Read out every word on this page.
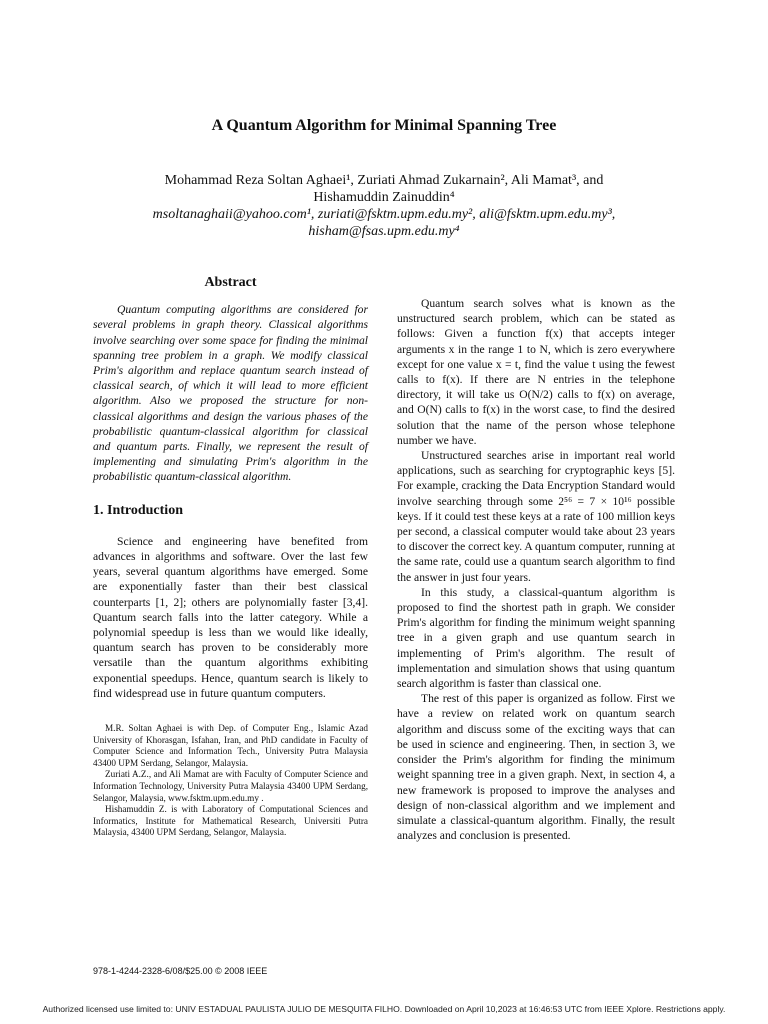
A Quantum Algorithm for Minimal Spanning Tree
Mohammad Reza Soltan Aghaei¹, Zuriati Ahmad Zukarnain², Ali Mamat³, and
Hishamuddin Zainuddin⁴
msoltanaghaii@yahoo.com¹, zuriati@fsktm.upm.edu.my², ali@fsktm.upm.edu.my³,
hisham@fsas.upm.edu.my⁴
Abstract

Quantum computing algorithms are considered for several problems in graph theory. Classical algorithms involve searching over some space for finding the minimal spanning tree problem in a graph. We modify classical Prim's algorithm and replace quantum search instead of classical search, of which it will lead to more efficient algorithm. Also we proposed the structure for non-classical algorithms and design the various phases of the probabilistic quantum-classical algorithm for classical and quantum parts. Finally, we represent the result of implementing and simulating Prim's algorithm in the probabilistic quantum-classical algorithm.

1. Introduction

Science and engineering have benefited from advances in algorithms and software. Over the last few years, several quantum algorithms have emerged. Some are exponentially faster than their best classical counterparts [1, 2]; others are polynomially faster [3,4]. Quantum search falls into the latter category. While a polynomial speedup is less than we would like ideally, quantum search has proven to be considerably more versatile than the quantum algorithms exhibiting exponential speedups. Hence, quantum search is likely to find widespread use in future quantum computers.

M.R. Soltan Aghaei is with Dep. of Computer Eng., Islamic Azad University of Khorasgan, Isfahan, Iran, and PhD candidate in Faculty of Computer Science and Information Tech., University Putra Malaysia 43400 UPM Serdang, Selangor, Malaysia.

Zuriati A.Z., and Ali Mamat are with Faculty of Computer Science and Information Technology, University Putra Malaysia 43400 UPM Serdang, Selangor, Malaysia, www.fsktm.upm.edu.my .

Hishamuddin Z. is with Laboratory of Computational Sciences and Informatics, Institute for Mathematical Research, Universiti Putra Malaysia, 43400 UPM Serdang, Selangor, Malaysia.

Quantum search solves what is known as the unstructured search problem, which can be stated as follows: Given a function f(x) that accepts integer arguments x in the range 1 to N, which is zero everywhere except for one value x = t, find the value t using the fewest calls to f(x). If there are N entries in the telephone directory, it will take us O(N/2) calls to f(x) on average, and O(N) calls to f(x) in the worst case, to find the desired solution that the name of the person whose telephone number we have.

Unstructured searches arise in important real world applications, such as searching for cryptographic keys [5]. For example, cracking the Data Encryption Standard would involve searching through some 2⁵⁶ = 7 × 10¹⁶ possible keys. If it could test these keys at a rate of 100 million keys per second, a classical computer would take about 23 years to discover the correct key. A quantum computer, running at the same rate, could use a quantum search algorithm to find the answer in just four years.

In this study, a classical-quantum algorithm is proposed to find the shortest path in graph. We consider Prim's algorithm for finding the minimum weight spanning tree in a given graph and use quantum search in implementing of Prim's algorithm. The result of implementation and simulation shows that using quantum search algorithm is faster than classical one.

The rest of this paper is organized as follow. First we have a review on related work on quantum search algorithm and discuss some of the exciting ways that can be used in science and engineering. Then, in section 3, we consider the Prim's algorithm for finding the minimum weight spanning tree in a given graph. Next, in section 4, a new framework is proposed to improve the analyses and design of non-classical algorithm and we implement and simulate a classical-quantum algorithm. Finally, the result analyzes and conclusion is presented.

978-1-4244-2328-6/08/$25.00 © 2008 IEEE
Authorized licensed use limited to: UNIV ESTADUAL PAULISTA JULIO DE MESQUITA FILHO. Downloaded on April 10,2023 at 16:46:53 UTC from IEEE Xplore. Restrictions apply.
